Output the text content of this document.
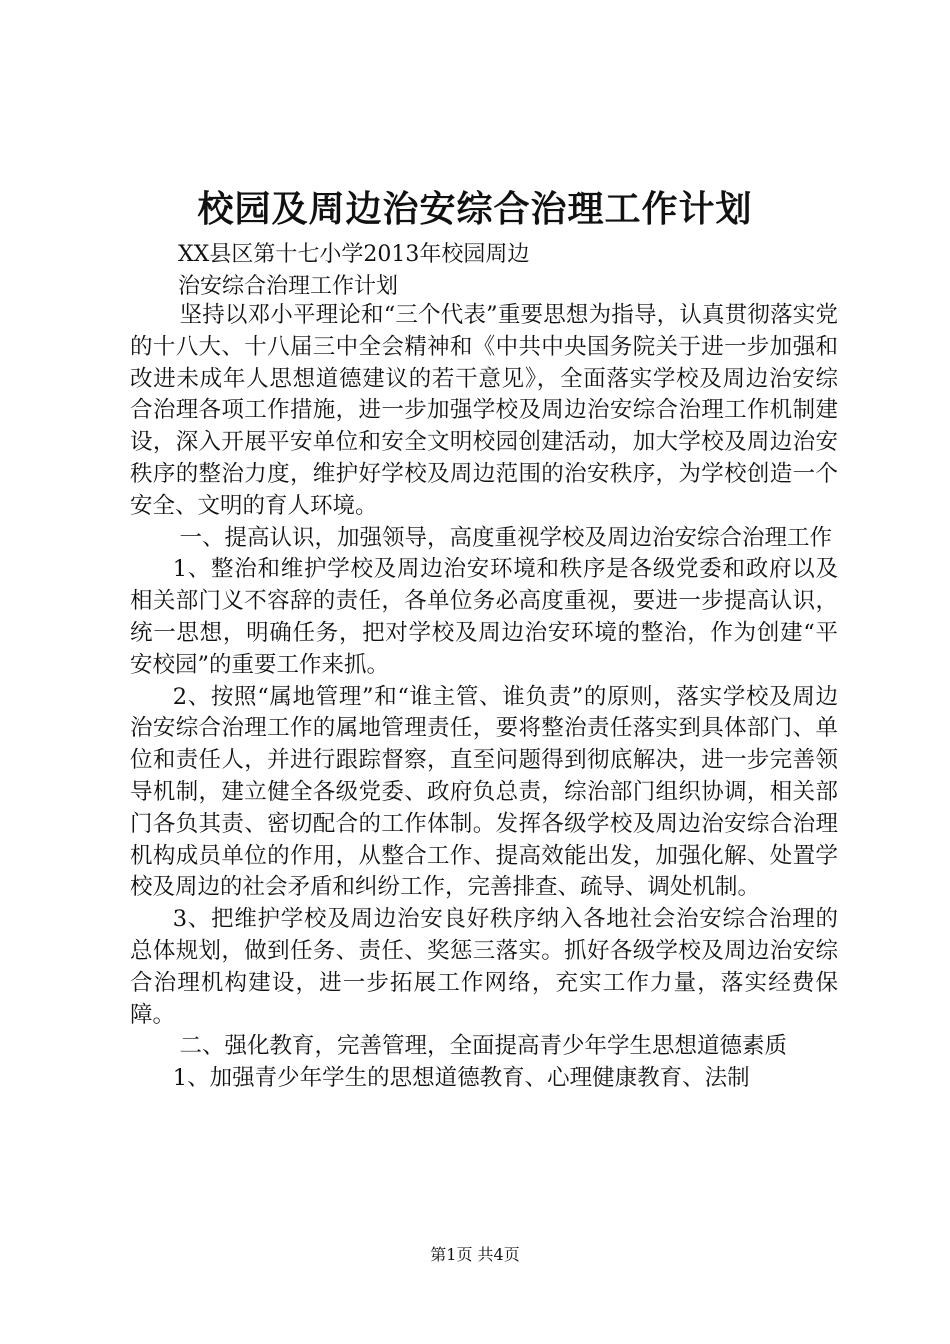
校园及周边治安综合治理工作计划
XX县区第十七小学2013年校园周边
治安综合治理工作计划

坚持以邓小平理论和“三个代表”重要思想为指导，认真贯彻落实党的十八大、十八届三中全会精神和《中共中央国务院关于进一步加强和改进未成年人思想道德建议的若干意见》，全面落实学校及周边治安综合治理各项工作措施，进一步加强学校及周边治安综合治理工作机制建设，深入开展平安单位和安全文明校园创建活动，加大学校及周边治安秩序的整治力度，维护好学校及周边范围的治安秩序，为学校创造一个安全、文明的育人环境。

一、提高认识，加强领导，高度重视学校及周边治安综合治理工作

1、整治和维护学校及周边治安环境和秩序是各级党委和政府以及相关部门义不容辞的责任，各单位务必高度重视，要进一步提高认识，统一思想，明确任务，把对学校及周边治安环境的整治，作为创建“平安校园”的重要工作来抓。

2、按照“属地管理”和“谁主管、谁负责”的原则，落实学校及周边治安综合治理工作的属地管理责任，要将整治责任落实到具体部门、单位和责任人，并进行跟踪督察，直至问题得到彻底解决，进一步完善领导机制，建立健全各级党委、政府负总责，综治部门组织协调，相关部门各负其责、密切配合的工作体制。发挥各级学校及周边治安综合治理机构成员单位的作用，从整合工作、提高效能出发，加强化解、处置学校及周边的社会矛盾和纠纷工作，完善排查、疏导、调处机制。

3、把维护学校及周边治安良好秩序纳入各地社会治安综合治理的总体规划，做到任务、责任、奖惩三落实。抓好各级学校及周边治安综合治理机构建设，进一步拓展工作网络，充实工作力量，落实经费保障。

二、强化教育，完善管理，全面提高青少年学生思想道德素质

1、加强青少年学生的思想道德教育、心理健康教育、法制

第1页 共4页
